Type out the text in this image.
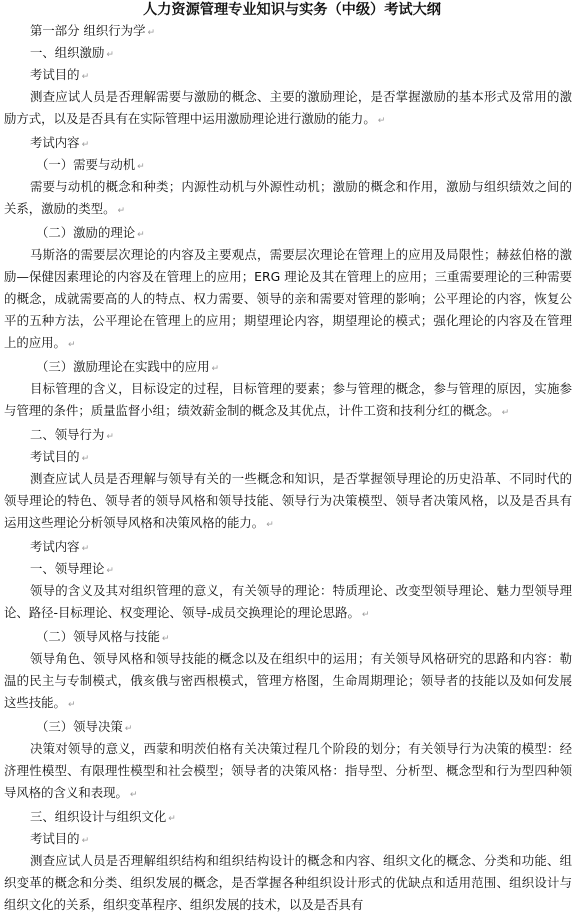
人力资源管理专业知识与实务（中级）考试大纲
第一部分 组织行为学 ↵
一、组织激励 ↵
考试目的 ↵
测查应试人员是否理解需要与激励的概念、主要的激励理论，是否掌握激励的基本形式及常用的激励方式，以及是否具有在实际管理中运用激励理论进行激励的能力。 ↵
考试内容 ↵
（一）需要与动机 ↵
需要与动机的概念和种类；内源性动机与外源性动机；激励的概念和作用，激励与组织绩效之间的关系，激励的类型。 ↵
（二）激励的理论 ↵
马斯洛的需要层次理论的内容及主要观点，需要层次理论在管理上的应用及局限性；赫兹伯格的激励—保健因素理论的内容及在管理上的应用；ERG 理论及其在管理上的应用；三重需要理论的三种需要的概念，成就需要高的人的特点、权力需要、领导的亲和需要对管理的影响；公平理论的内容，恢复公平的五种方法，公平理论在管理上的应用；期望理论内容，期望理论的模式；强化理论的内容及在管理上的应用。 ↵
（三）激励理论在实践中的应用 ↵
目标管理的含义，目标设定的过程，目标管理的要素；参与管理的概念，参与管理的原因，实施参与管理的条件；质量监督小组；绩效薪金制的概念及其优点，计件工资和技利分红的概念。 ↵
二、领导行为 ↵
考试目的 ↵
测查应试人员是否理解与领导有关的一些概念和知识，是否掌握领导理论的历史沿革、不同时代的领导理论的特色、领导者的领导风格和领导技能、领导行为决策模型、领导者决策风格，以及是否具有运用这些理论分析领导风格和决策风格的能力。 ↵
考试内容 ↵
一、领导理论 ↵
领导的含义及其对组织管理的意义，有关领导的理论：特质理论、改变型领导理论、魅力型领导理论、路径-目标理论、权变理论、领导-成员交换理论的理论思路。 ↵
（二）领导风格与技能 ↵
领导角色、领导风格和领导技能的概念以及在组织中的运用；有关领导风格研究的思路和内容：勒温的民主与专制模式，俄亥俄与密西根模式，管理方格图，生命周期理论；领导者的技能以及如何发展这些技能。 ↵
（三）领导决策 ↵
决策对领导的意义，西蒙和明茨伯格有关决策过程几个阶段的划分；有关领导行为决策的模型：经济理性模型、有限理性模型和社会模型；领导者的决策风格：指导型、分析型、概念型和行为型四种领导风格的含义和表现。 ↵
三、组织设计与组织文化 ↵
考试目的 ↵
测查应试人员是否理解组织结构和组织结构设计的概念和内容、组织文化的概念、分类和功能、组织变革的概念和分类、组织发展的概念，是否掌握各种组织设计形式的优缺点和适用范围、组织设计与组织文化的关系，组织变革程序、组织发展的技术，以及是否具有
